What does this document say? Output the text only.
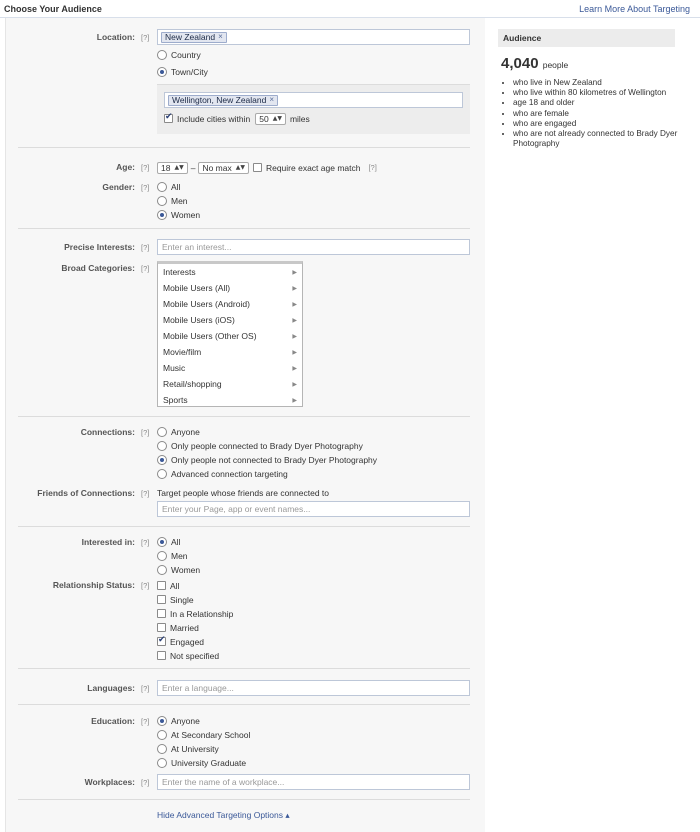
Choose Your Audience	Learn More About Targeting
Location: [?]	New Zealand ×
Country
Town/City
Wellington, New Zealand ×
✔
Include cities within 50 ▲▼ miles
Age: [?]	18 ▲▼ – No max ▲▼ Require exact age match [?]
Gender: [?]	All
Men
Women
Precise Interests: [?]	Enter an interest...
Broad Categories: [?]	Interests	▶
Mobile Users (All)	▶
Mobile Users (Android)	▶
Mobile Users (iOS)	▶
Mobile Users (Other OS)	▶
Movie/film	▶
Music	▶
Retail/shopping	▶
Sports	▶
Connections: [?]	Anyone
Only people connected to Brady Dyer Photography
Only people not connected to Brady Dyer Photography
Advanced connection targeting
Friends of Connections: [?] Target people whose friends are connected to
Enter your Page, app or event names...
Interested in: [?]	All
Men
Women
Relationship Status: [?]	All
Single
In a Relationship
Married
✔
Engaged
Not specified
Languages: [?]	Enter a language...
Education: [?]	Anyone
At Secondary School
At University
University Graduate
Workplaces: [?]	Enter the name of a workplace...
Hide Advanced Targeting Options ▴
Audience
4,040 people
• who live in New Zealand
• who live within 80 kilometres of Wellington
• age 18 and older
• who are female
• who are engaged
• who are not already connected to Brady Dyer Photography
